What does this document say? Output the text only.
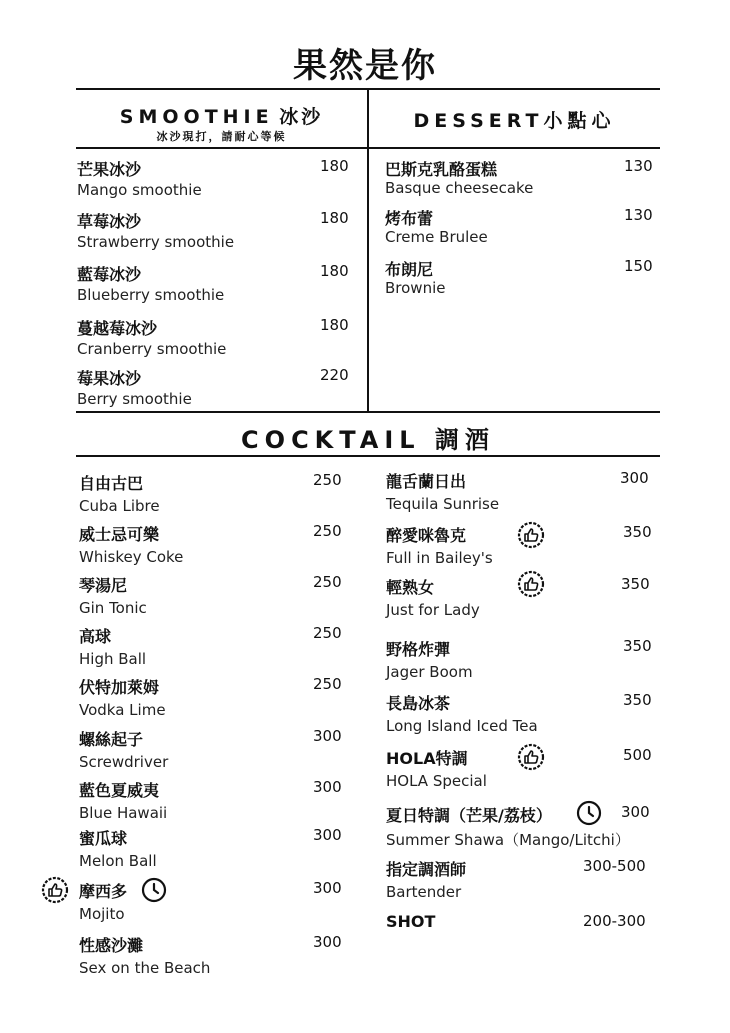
果然是你
SMOOTHIE 冰沙
冰沙現打，請耐心等候
DESSERT小點心
芒果冰沙
Mango smoothie
180
草莓冰沙
Strawberry smoothie
180
藍莓冰沙
Blueberry smoothie
180
蔓越莓冰沙
Cranberry smoothie
180
莓果冰沙
Berry smoothie
220
巴斯克乳酪蛋糕
Basque cheesecake
130
烤布蕾
Creme Brulee
130
布朗尼
Brownie
150
COCKTAIL 調酒
自由古巴
Cuba Libre
250
威士忌可樂
Whiskey Coke
250
琴湯尼
Gin Tonic
250
高球
High Ball
250
伏特加萊姆
Vodka Lime
250
螺絲起子
Screwdriver
300
藍色夏威夷
Blue Hawaii
300
蜜瓜球
Melon Ball
300
摩西多
Mojito
300
性感沙灘
Sex on the Beach
300
龍舌蘭日出
Tequila Sunrise
300
醉愛咪魯克
Full in Bailey's
350
輕熟女
Just for Lady
350
野格炸彈
Jager Boom
350
長島冰茶
Long Island Iced Tea
350
HOLA特調
HOLA Special
500
夏日特調（芒果/荔枝）
Summer Shawa（Mango/Litchi）
300
指定調酒師
Bartender
300-500
SHOT	200-300
